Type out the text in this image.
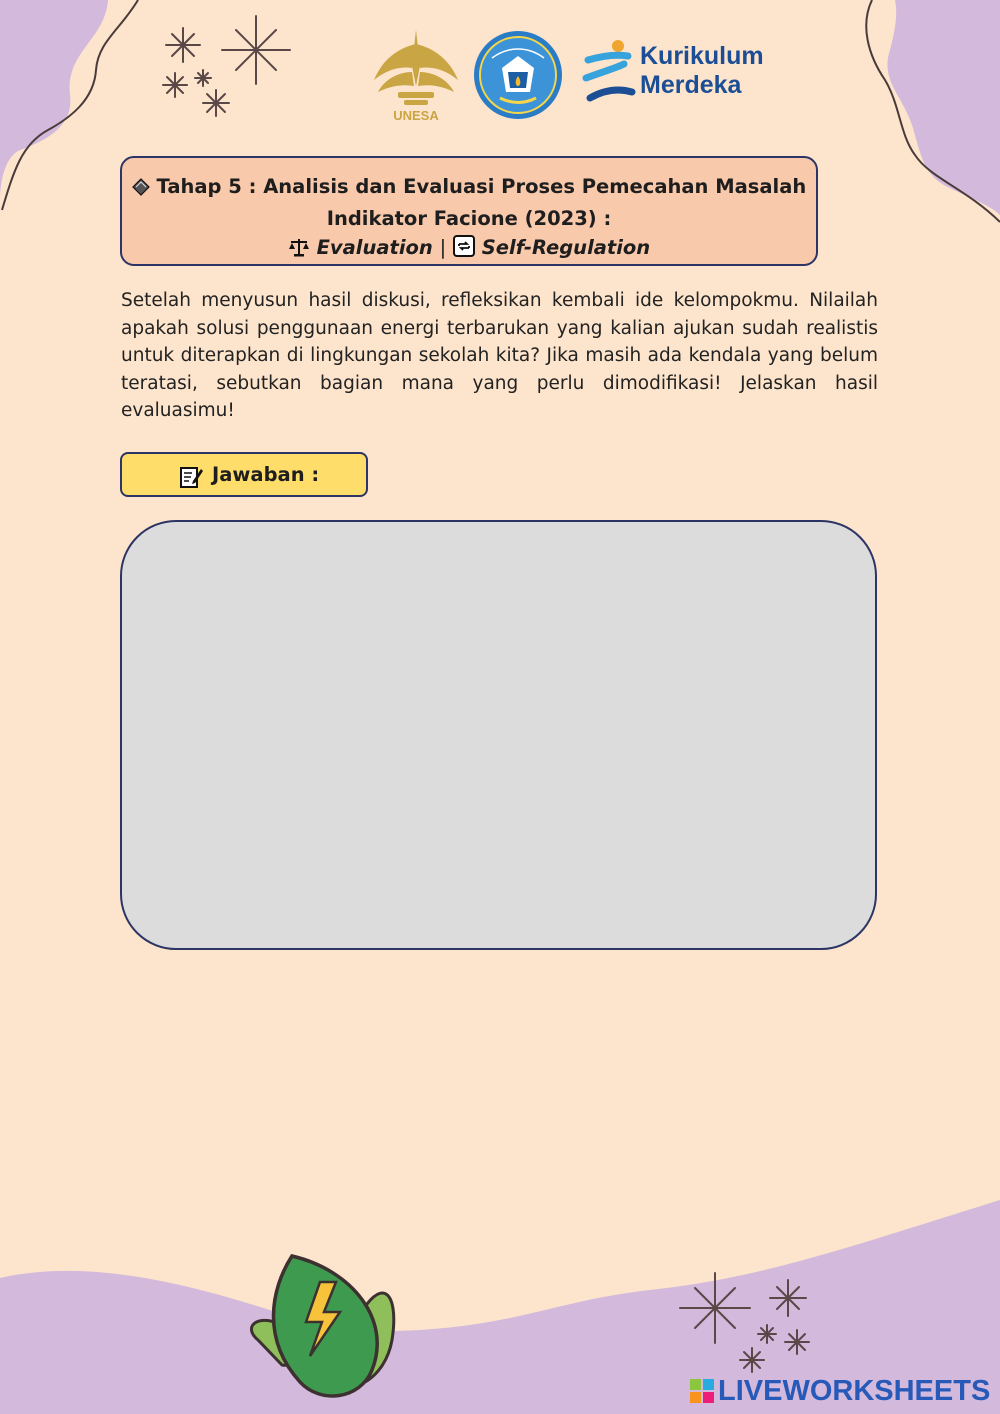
UNESA
Kurikulum
Merdeka
Tahap 5 : Analisis dan Evaluasi Proses Pemecahan Masalah
Indikator Facione (2023) :
Evaluation | Self-Regulation
Setelah menyusun hasil diskusi, refleksikan kembali ide kelompokmu. Nilailah apakah solusi penggunaan energi terbarukan yang kalian ajukan sudah realistis untuk diterapkan di lingkungan sekolah kita? Jika masih ada kendala yang belum teratasi, sebutkan bagian mana yang perlu dimodifikasi! Jelaskan hasil evaluasimu!
Jawaban :
LIVEWORKSHEETS
